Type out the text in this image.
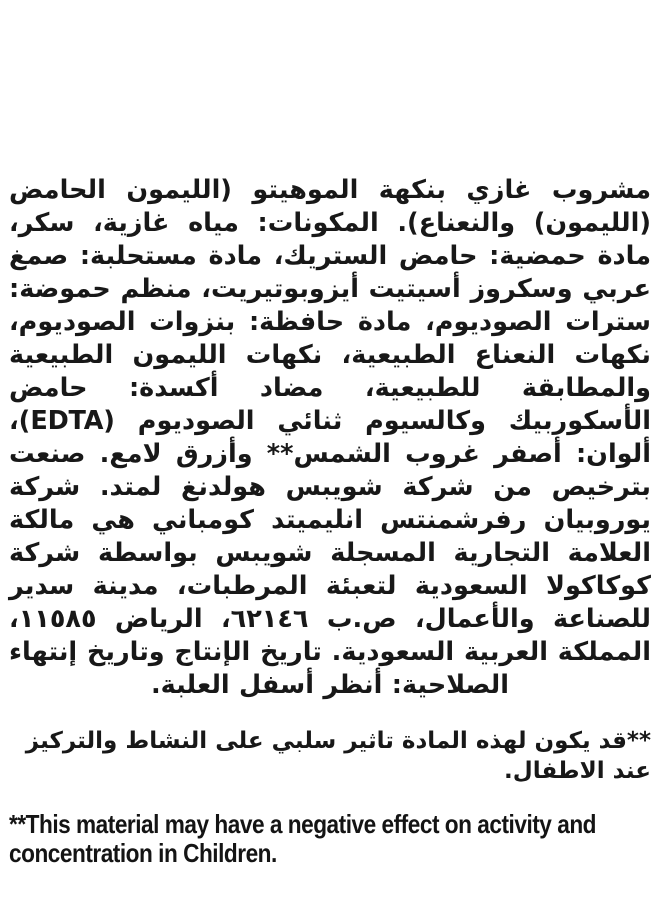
مشروب غازي بنكهة الموهيتو (الليمون الحامض (الليمون) والنعناع). المكونات: مياه غازية، سكر، مادة حمضية: حامض الستريك، مادة مستحلبة: صمغ عربي وسكروز أسيتيت أيزوبوتيريت، منظم حموضة: سترات الصوديوم، مادة حافظة: بنزوات الصوديوم، نكهات النعناع الطبيعية، نكهات الليمون الطبيعية والمطابقة للطبيعية، مضاد أكسدة: حامض الأسكوربيك وكالسيوم ثنائي الصوديوم (EDTA)، ألوان: أصفر غروب الشمس** وأزرق لامع. صنعت بترخيص من شركة شويبس هولدنغ لمتد. شركة يوروبيان رفرشمنتس انليميتد كومباني هي مالكة العلامة التجارية المسجلة شويبس بواسطة شركة كوكاكولا السعودية لتعبئة المرطبات، مدينة سدير للصناعة والأعمال، ص.ب ٦٢١٤٦، الرياض ١١٥٨٥، المملكة العربية السعودية. تاريخ الإنتاج وتاريخ إنتهاء الصلاحية: أنظر أسفل العلبة.

**قد يكون لهذه المادة تاثير سلبي على النشاط والتركيز عند الاطفال.

**This material may have a negative effect on activity and concentration in Children.
